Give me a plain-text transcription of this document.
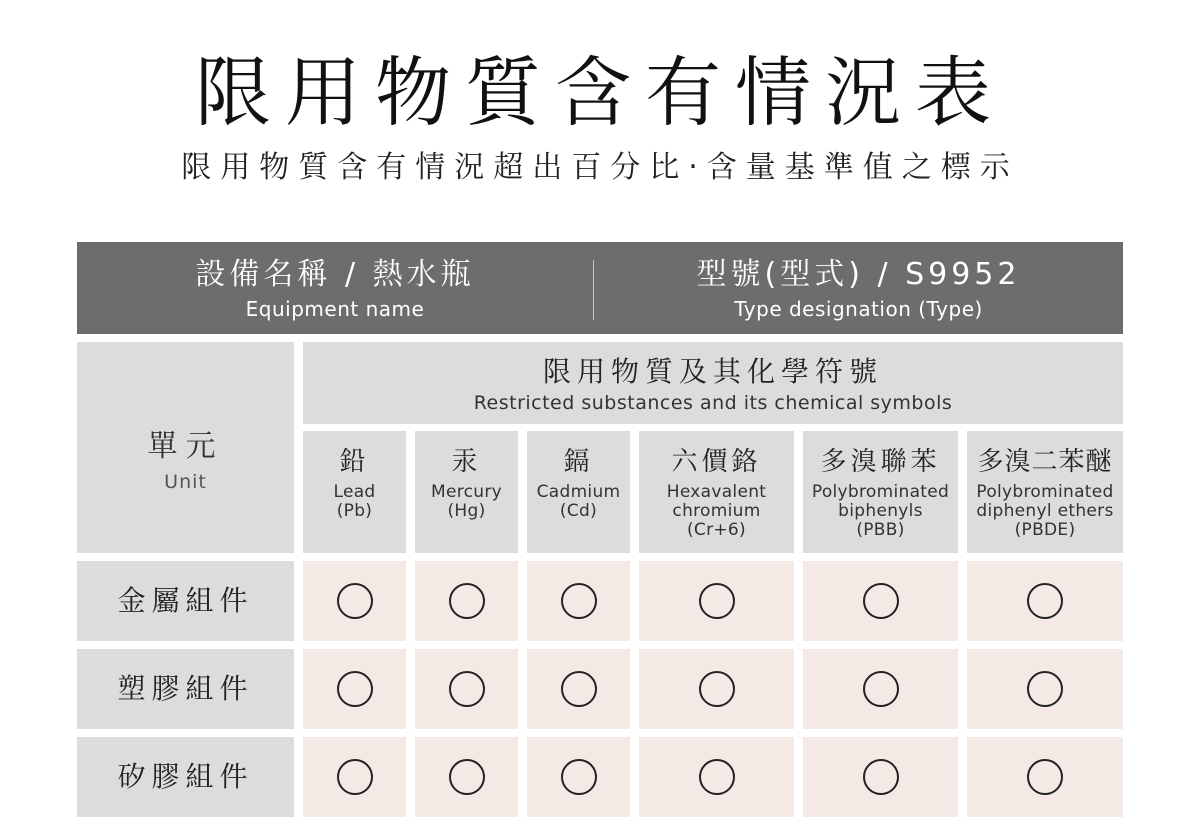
限用物質含有情況表
限用物質含有情況超出百分比‧含量基準值之標示
設備名稱 / 熱水瓶
Equipment name
型號(型式) / S9952
Type designation (Type)
單元
Unit
限用物質及其化學符號
Restricted substances and its chemical symbols
鉛
Lead
(Pb)
汞
Mercury
(Hg)
鎘
Cadmium
(Cd)
六價鉻
Hexavalent
chromium
(Cr+6)
多溴聯苯
Polybrominated
biphenyls
(PBB)
多溴二苯醚
Polybrominated
diphenyl ethers
(PBDE)
金屬組件
塑膠組件
矽膠組件
